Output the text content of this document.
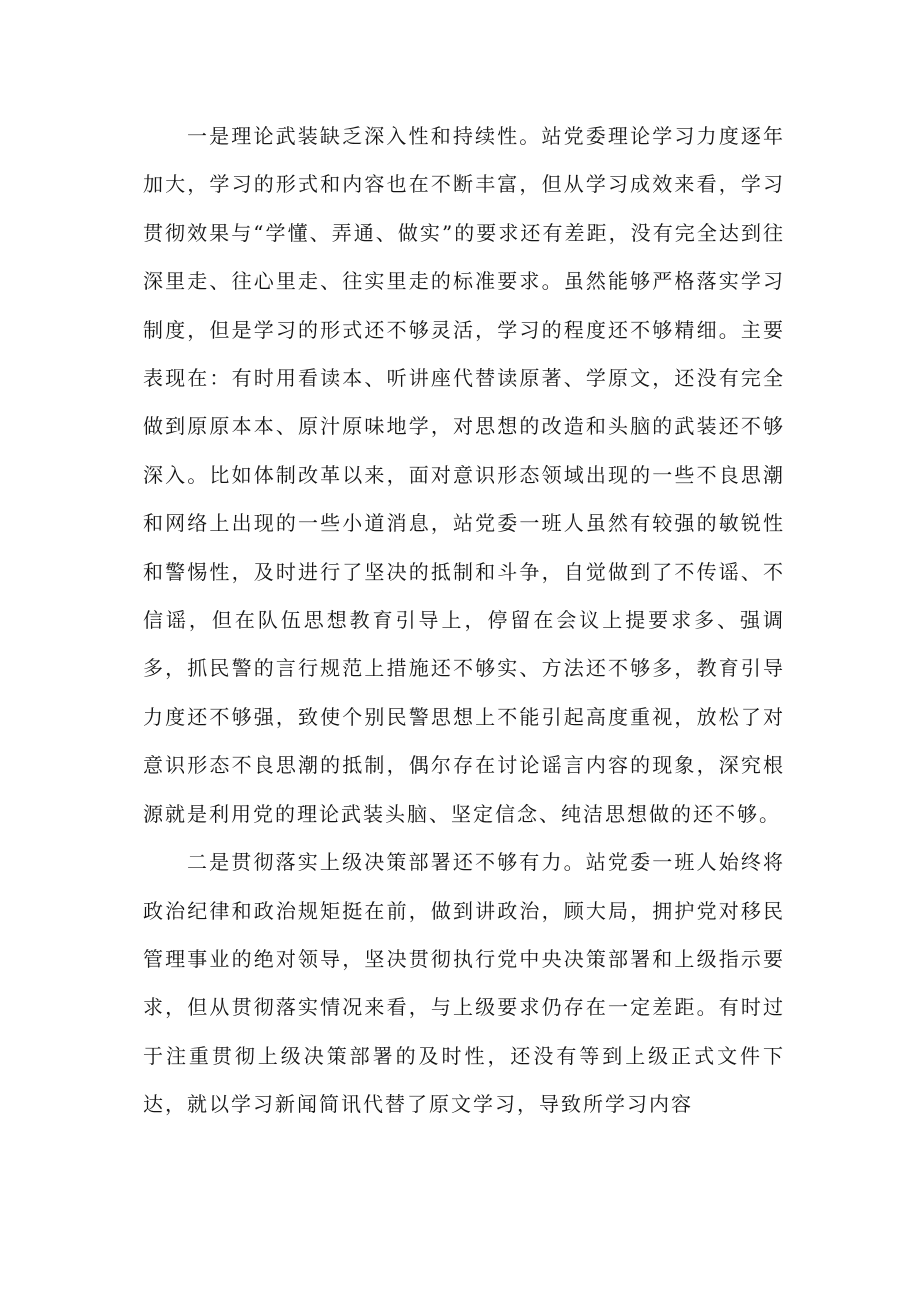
一是理论武装缺乏深入性和持续性。站党委理论学习力度逐年加大，学习的形式和内容也在不断丰富，但从学习成效来看，学习贯彻效果与“学懂、弄通、做实”的要求还有差距，没有完全达到往深里走、往心里走、往实里走的标准要求。虽然能够严格落实学习制度，但是学习的形式还不够灵活，学习的程度还不够精细。主要表现在：有时用看读本、听讲座代替读原著、学原文，还没有完全做到原原本本、原汁原味地学，对思想的改造和头脑的武装还不够深入。比如体制改革以来，面对意识形态领域出现的一些不良思潮和网络上出现的一些小道消息，站党委一班人虽然有较强的敏锐性和警惕性，及时进行了坚决的抵制和斗争，自觉做到了不传谣、不信谣，但在队伍思想教育引导上，停留在会议上提要求多、强调多，抓民警的言行规范上措施还不够实、方法还不够多，教育引导力度还不够强，致使个别民警思想上不能引起高度重视，放松了对意识形态不良思潮的抵制，偶尔存在讨论谣言内容的现象，深究根源就是利用党的理论武装头脑、坚定信念、纯洁思想做的还不够。

二是贯彻落实上级决策部署还不够有力。站党委一班人始终将政治纪律和政治规矩挺在前，做到讲政治，顾大局，拥护党对移民管理事业的绝对领导，坚决贯彻执行党中央决策部署和上级指示要求，但从贯彻落实情况来看，与上级要求仍存在一定差距。有时过于注重贯彻上级决策部署的及时性，还没有等到上级正式文件下达，就以学习新闻简讯代替了原文学习，导致所学习内容
